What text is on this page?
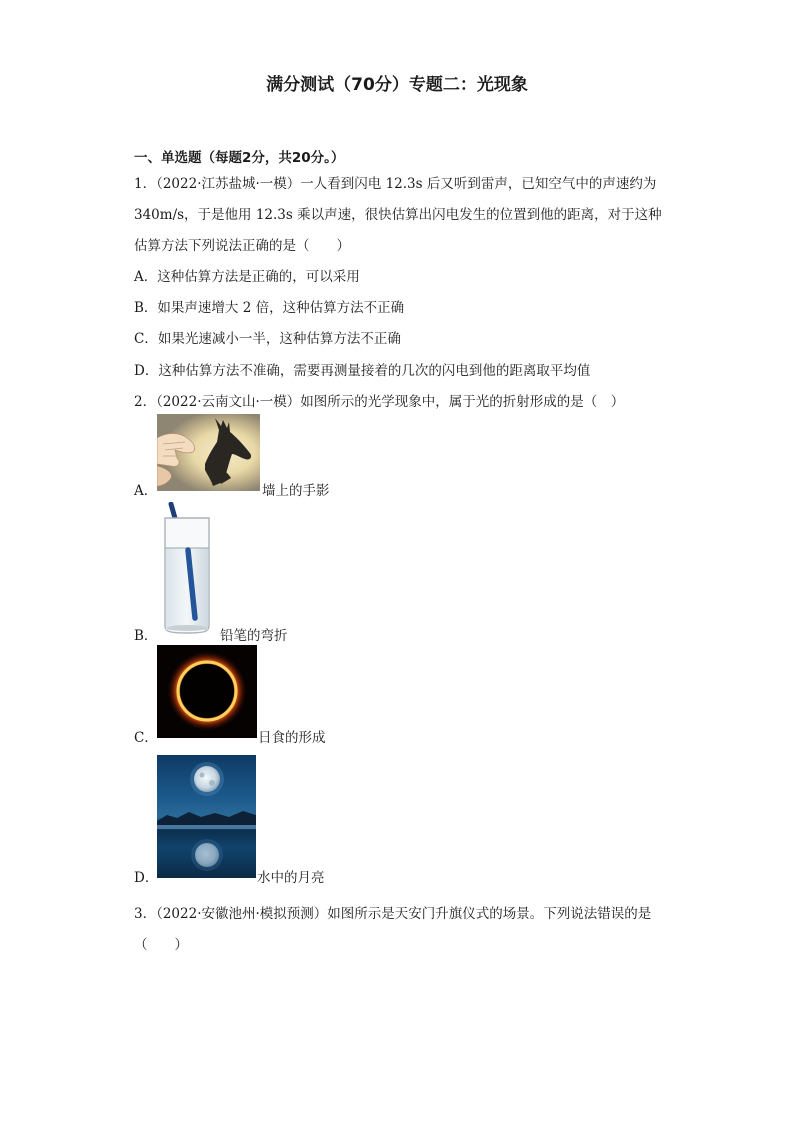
满分测试（70分）专题二：光现象
一、单选题（每题2分，共20分。）
1．（2022·江苏盐城·一模）一人看到闪电 12.3s 后又听到雷声，已知空气中的声速约为
340m/s，于是他用 12.3s 乘以声速，很快估算出闪电发生的位置到他的距离，对于这种
估算方法下列说法正确的是（　　）
A．这种估算方法是正确的，可以采用
B．如果声速增大 2 倍，这种估算方法不正确
C．如果光速减小一半，这种估算方法不正确
D．这种估算方法不准确，需要再测量接着的几次的闪电到他的距离取平均值
2．（2022·云南文山·一模）如图所示的光学现象中，属于光的折射形成的是（　）
A．	墙上的手影
B．	铅笔的弯折
C．	日食的形成
D．	水中的月亮
3．（2022·安徽池州·模拟预测）如图所示是天安门升旗仪式的场景。下列说法错误的是
（　　）
